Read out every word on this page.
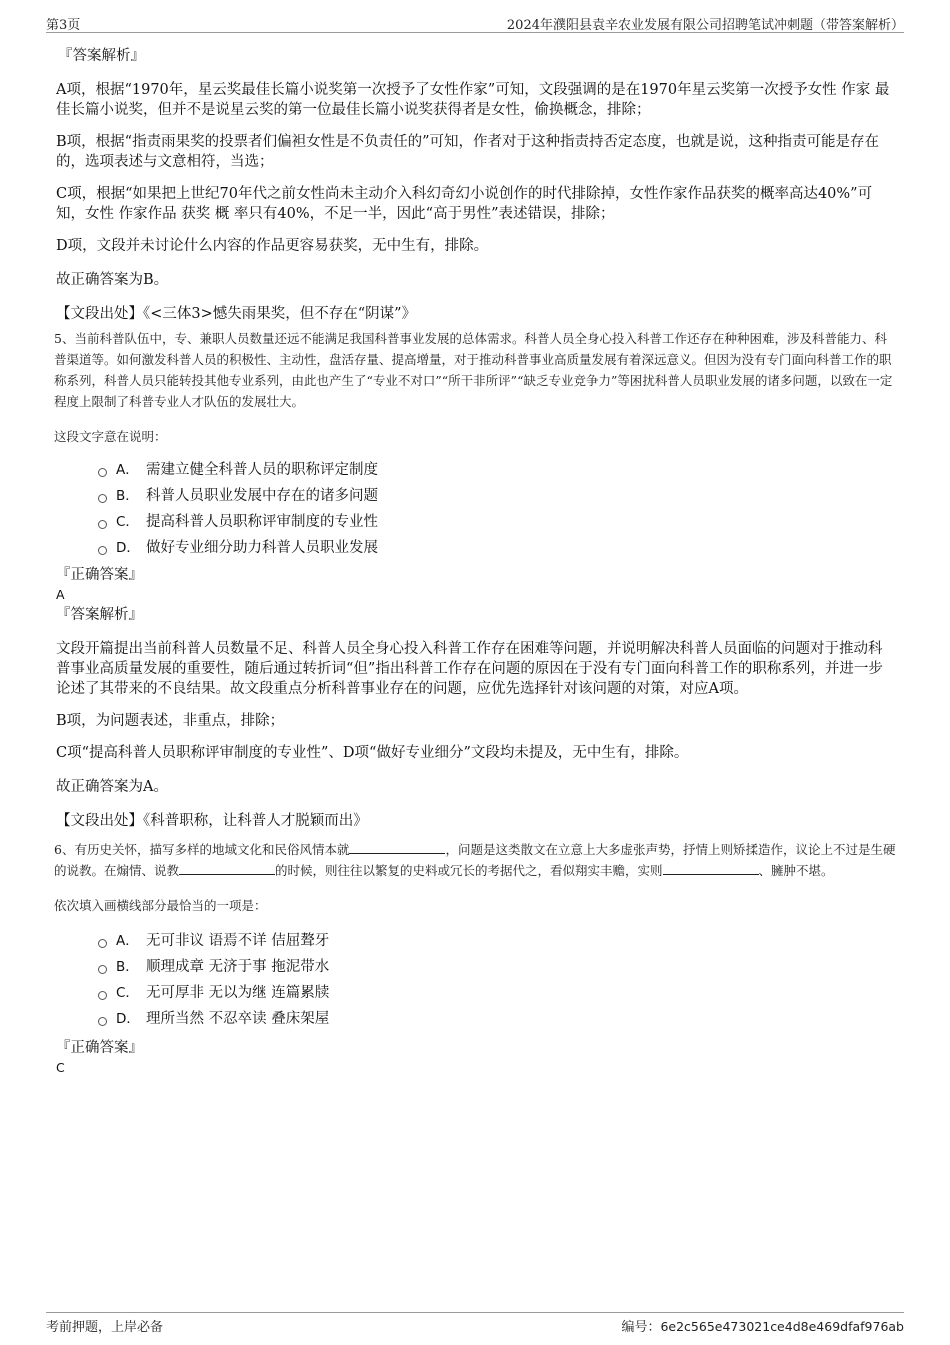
第3页	2024年濮阳县袁辛农业发展有限公司招聘笔试冲刺题（带答案解析）

『答案解析』

A项，根据“1970年，星云奖最佳长篇小说奖第一次授予了女性作家”可知，文段强调的是在1970年星云奖第一次授予女性 作家 最佳长篇小说奖，但并不是说星云奖的第一位最佳长篇小说奖获得者是女性，偷换概念，排除；

B项，根据“指责雨果奖的投票者们偏袒女性是不负责任的”可知，作者对于这种指责持否定态度，也就是说，这种指责可能是存在的，选项表述与文意相符，当选；

C项，根据“如果把上世纪70年代之前女性尚未主动介入科幻奇幻小说创作的时代排除掉，女性作家作品获奖的概率高达40%”可知，女性 作家作品 获奖 概 率只有40%，不足一半，因此“高于男性”表述错误，排除；

D项，文段并未讨论什么内容的作品更容易获奖，无中生有，排除。

故正确答案为B。

【文段出处】《<三体3>憾失雨果奖，但不存在“阴谋”》

5、当前科普队伍中，专、兼职人员数量还远不能满足我国科普事业发展的总体需求。科普人员全身心投入科普工作还存在种种困难，涉及科普能力、科普渠道等。如何激发科普人员的积极性、主动性，盘活存量、提高增量，对于推动科普事业高质量发展有着深远意义。但因为没有专门面向科普工作的职称系列，科普人员只能转投其他专业系列，由此也产生了“专业不对口”“所干非所评”“缺乏专业竞争力”等困扰科普人员职业发展的诸多问题，以致在一定程度上限制了科普专业人才队伍的发展壮大。

这段文字意在说明：

A． 需建立健全科普人员的职称评定制度
B． 科普人员职业发展中存在的诸多问题
C． 提高科普人员职称评审制度的专业性
D． 做好专业细分助力科普人员职业发展

『正确答案』

A

『答案解析』

文段开篇提出当前科普人员数量不足、科普人员全身心投入科普工作存在困难等问题，并说明解决科普人员面临的问题对于推动科普事业高质量发展的重要性，随后通过转折词“但”指出科普工作存在问题的原因在于没有专门面向科普工作的职称系列，并进一步论述了其带来的不良结果。故文段重点分析科普事业存在的问题，应优先选择针对该问题的对策，对应A项。

B项，为问题表述，非重点，排除；

C项“提高科普人员职称评审制度的专业性”、D项“做好专业细分”文段均未提及，无中生有，排除。

故正确答案为A。

【文段出处】《科普职称，让科普人才脱颖而出》

6、有历史关怀，描写多样的地域文化和民俗风情本就	，问题是这类散文在立意上大多虚张声势，抒情上则矫揉造作，议论上不过是生硬的说教。在煽情、说教	的时候，则往往以繁复的史料或冗长的考据代之，看似翔实丰赡，实则	、臃肿不堪。

依次填入画横线部分最恰当的一项是：

A． 无可非议 语焉不详 佶屈聱牙
B． 顺理成章 无济于事 拖泥带水
C． 无可厚非 无以为继 连篇累牍
D． 理所当然 不忍卒读 叠床架屋

『正确答案』

C

考前押题，上岸必备	编号：6e2c565e473021ce4d8e469dfaf976ab
